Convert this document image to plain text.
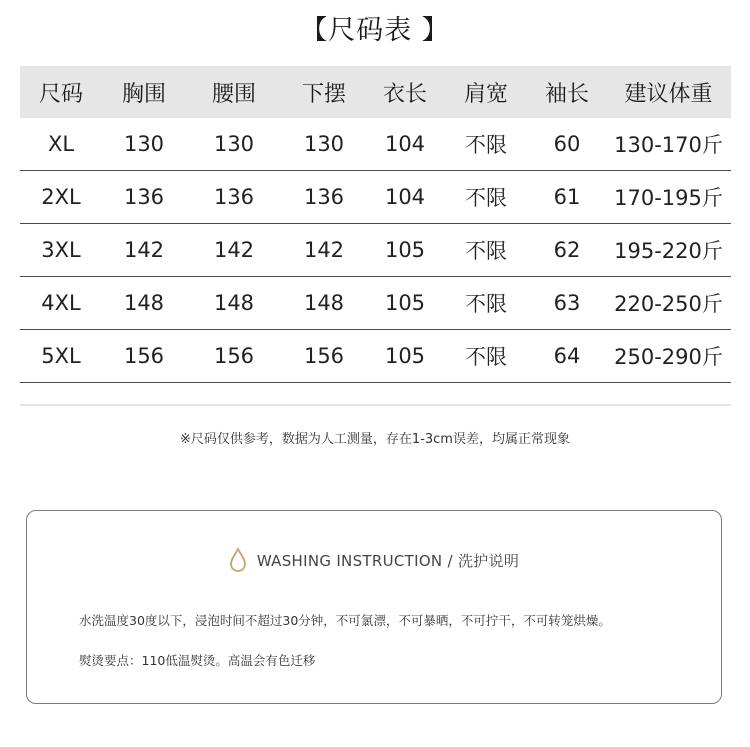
【尺码表 】
尺码	胸围	腰围	下摆	衣长	肩宽	袖长	建议体重
XL	130	130	130	104	不限	60	130-170斤
2XL	136	136	136	104	不限	61	170-195斤
3XL	142	142	142	105	不限	62	195-220斤
4XL	148	148	148	105	不限	63	220-250斤
5XL	156	156	156	105	不限	64	250-290斤
※尺码仅供参考，数据为人工测量，存在1-3cm误差，均属正常现象
WASHING INSTRUCTION / 洗护说明
水洗温度30度以下，浸泡时间不超过30分钟，不可氯漂，不可暴晒，不可拧干，不可转笼烘燥。
熨烫要点：110低温熨烫。高温会有色迁移
